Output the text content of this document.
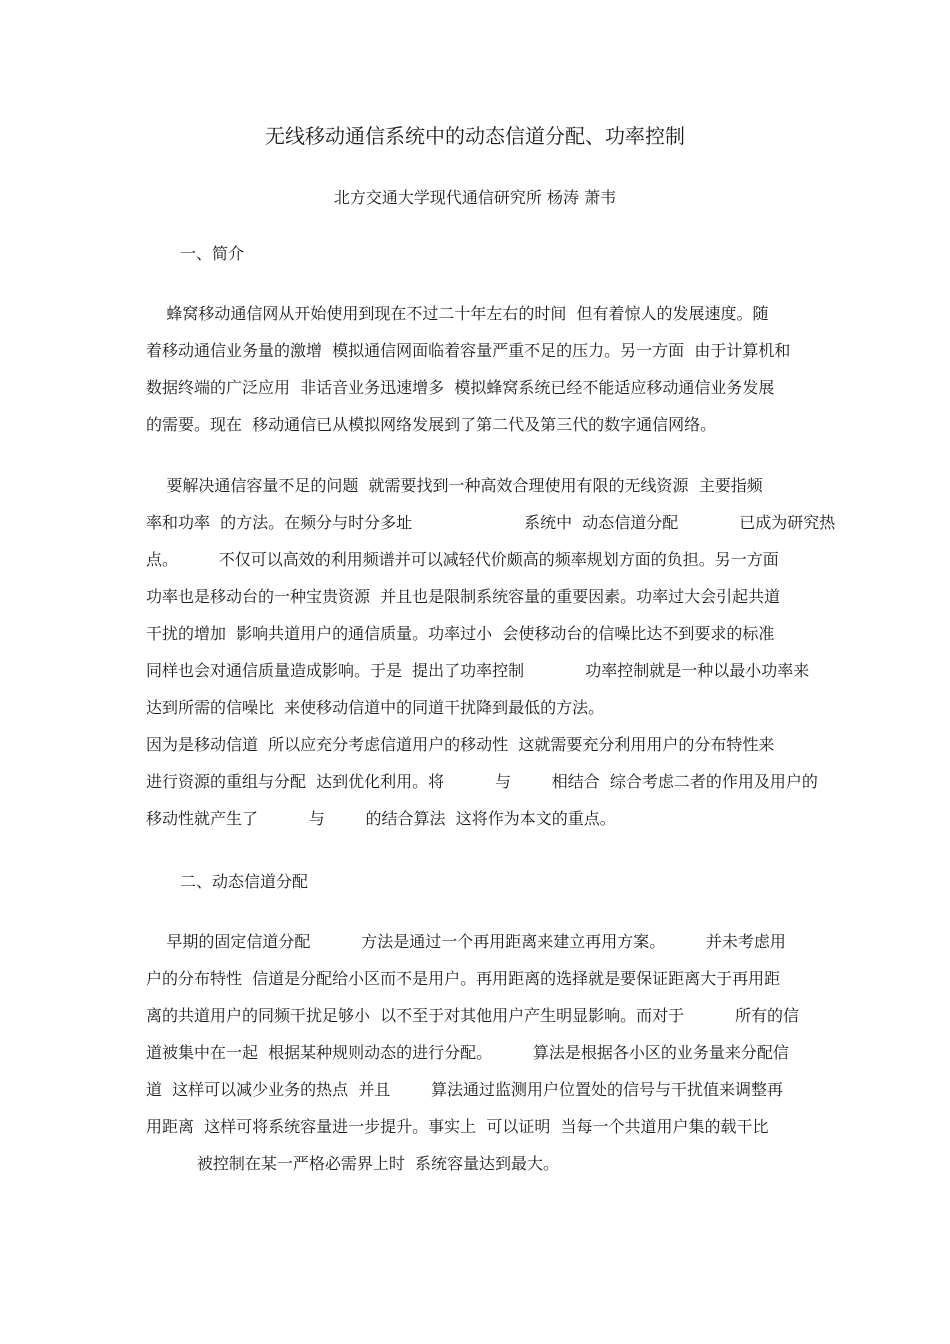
无线移动通信系统中的动态信道分配、功率控制
北方交通大学现代通信研究所 杨涛 萧韦
一、简介
蜂窝移动通信网从开始使用到现在不过二十年左右的时间  但有着惊人的发展速度。随
着移动通信业务量的激增  模拟通信网面临着容量严重不足的压力。另一方面  由于计算机和
数据终端的广泛应用  非话音业务迅速增多  模拟蜂窝系统已经不能适应移动通信业务发展
的需要。现在  移动通信已从模拟网络发展到了第二代及第三代的数字通信网络。
要解决通信容量不足的问题  就需要找到一种高效合理使用有限的无线资源  主要指频
率和功率  的方法。在频分与时分多址                      系统中  动态信道分配            已成为研究热
点。        不仅可以高效的利用频谱并可以减轻代价颇高的频率规划方面的负担。另一方面
功率也是移动台的一种宝贵资源  并且也是限制系统容量的重要因素。功率过大会引起共道
干扰的增加  影响共道用户的通信质量。功率过小  会使移动台的信噪比达不到要求的标准
同样也会对通信质量造成影响。于是  提出了功率控制            功率控制就是一种以最小功率来
达到所需的信噪比  来使移动信道中的同道干扰降到最低的方法。
因为是移动信道  所以应充分考虑信道用户的移动性  这就需要充分利用用户的分布特性来
进行资源的重组与分配  达到优化利用。将          与        相结合  综合考虑二者的作用及用户的
移动性就产生了          与        的结合算法  这将作为本文的重点。
二、动态信道分配
早期的固定信道分配          方法是通过一个再用距离来建立再用方案。        并未考虑用
户的分布特性  信道是分配给小区而不是用户。再用距离的选择就是要保证距离大于再用距
离的共道用户的同频干扰足够小  以不至于对其他用户产生明显影响。而对于          所有的信
道被集中在一起  根据某种规则动态的进行分配。        算法是根据各小区的业务量来分配信
道  这样可以减少业务的热点  并且        算法通过监测用户位置处的信号与干扰值来调整再
用距离  这样可将系统容量进一步提升。事实上  可以证明  当每一个共道用户集的载干比
被控制在某一严格必需界上时  系统容量达到最大。
